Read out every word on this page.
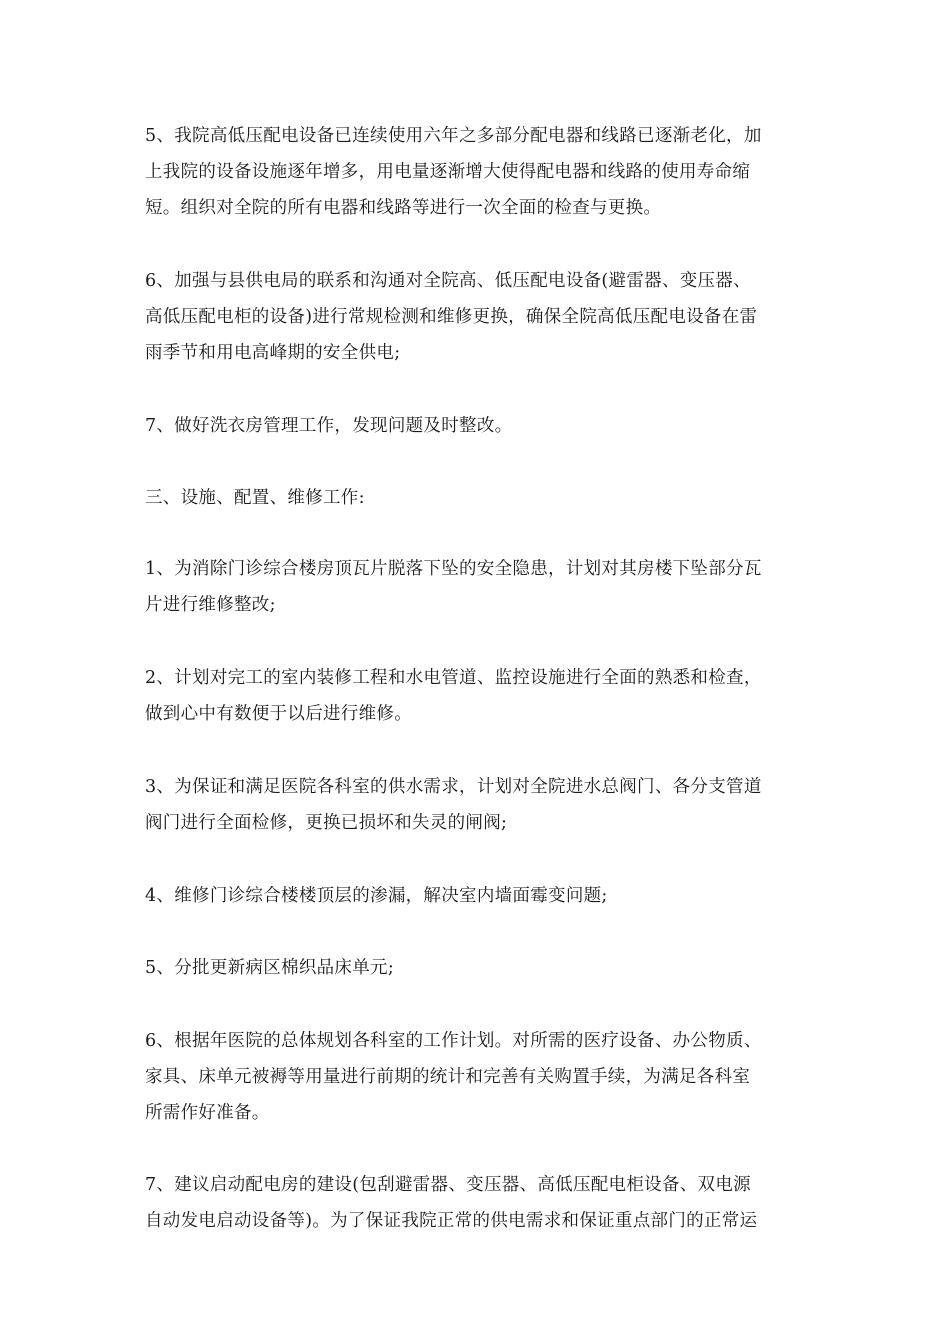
5、我院高低压配电设备已连续使用六年之多部分配电器和线路已逐渐老化，加
上我院的设备设施逐年增多，用电量逐渐增大使得配电器和线路的使用寿命缩
短。组织对全院的所有电器和线路等进行一次全面的检查与更换。

6、加强与县供电局的联系和沟通对全院高、低压配电设备(避雷器、变压器、
高低压配电柜的设备)进行常规检测和维修更换，确保全院高低压配电设备在雷
雨季节和用电高峰期的安全供电;

7、做好洗衣房管理工作，发现问题及时整改。

三、设施、配置、维修工作:

1、为消除门诊综合楼房顶瓦片脱落下坠的安全隐患，计划对其房楼下坠部分瓦
片进行维修整改;

2、计划对完工的室内装修工程和水电管道、监控设施进行全面的熟悉和检查，
做到心中有数便于以后进行维修。

3、为保证和满足医院各科室的供水需求，计划对全院进水总阀门、各分支管道
阀门进行全面检修，更换已损坏和失灵的闸阀;

4、维修门诊综合楼楼顶层的渗漏，解决室内墙面霉变问题;

5、分批更新病区棉织品床单元;

6、根据年医院的总体规划各科室的工作计划。对所需的医疗设备、办公物质、
家具、床单元被褥等用量进行前期的统计和完善有关购置手续，为满足各科室
所需作好准备。

7、建议启动配电房的建设(包刮避雷器、变压器、高低压配电柜设备、双电源
自动发电启动设备等)。为了保证我院正常的供电需求和保证重点部门的正常运
